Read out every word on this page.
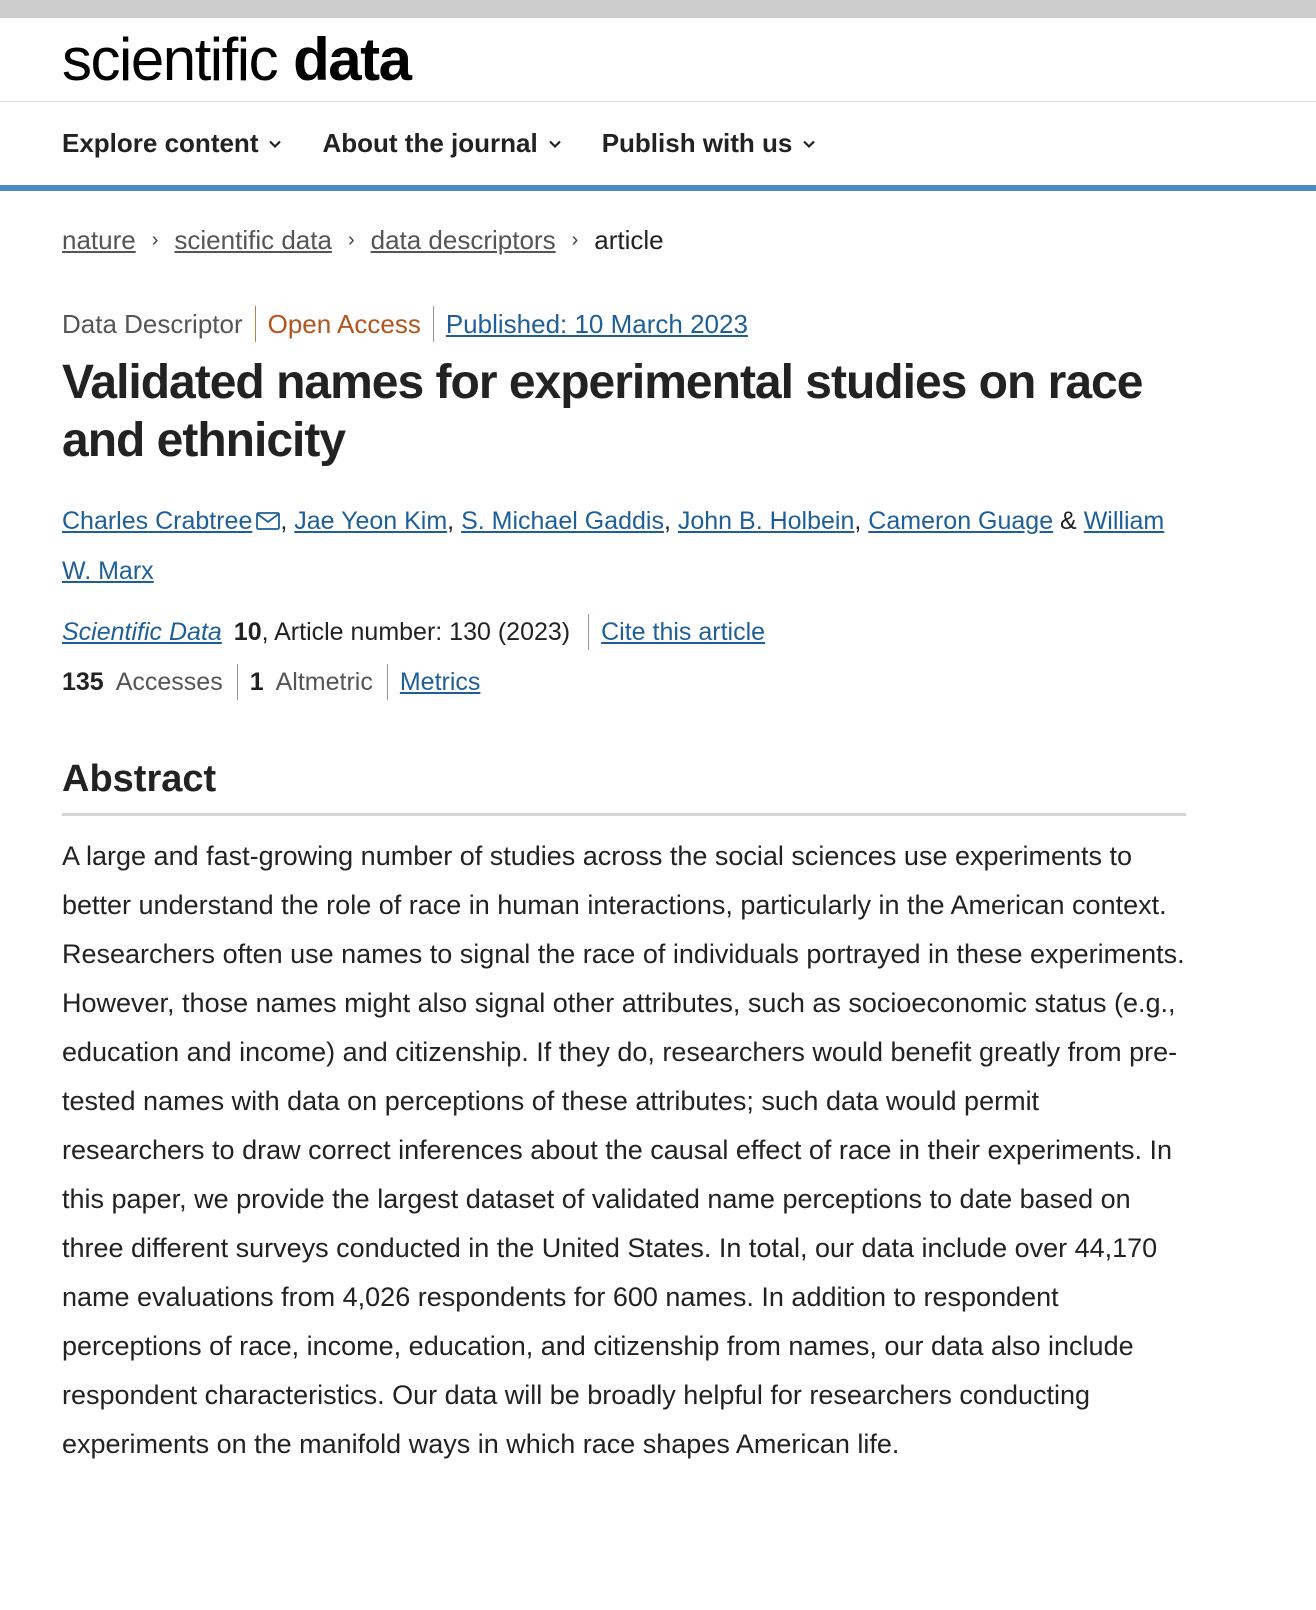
scientific data
Explore content About the journal Publish with us
nature › scientific data › data descriptors › article
Data Descriptor Open Access Published: 10 March 2023
Validated names for experimental studies on race and ethnicity
Charles Crabtree , Jae Yeon Kim, S. Michael Gaddis, John B. Holbein, Cameron Guage & William W. Marx
Scientific Data 10 , Article number: 130 (2023) Cite this article
135 Accesses 1 Altmetric Metrics
Abstract

A large and fast-growing number of studies across the social sciences use experiments to better understand the role of race in human interactions, particularly in the American context. Researchers often use names to signal the race of individuals portrayed in these experiments. However, those names might also signal other attributes, such as socioeconomic status (e.g., education and income) and citizenship. If they do, researchers would benefit greatly from pre-tested names with data on perceptions of these attributes; such data would permit researchers to draw correct inferences about the causal effect of race in their experiments. In this paper, we provide the largest dataset of validated name perceptions to date based on three different surveys conducted in the United States. In total, our data include over 44,170 name evaluations from 4,026 respondents for 600 names. In addition to respondent perceptions of race, income, education, and citizenship from names, our data also include respondent characteristics. Our data will be broadly helpful for researchers conducting experiments on the manifold ways in which race shapes American life.
